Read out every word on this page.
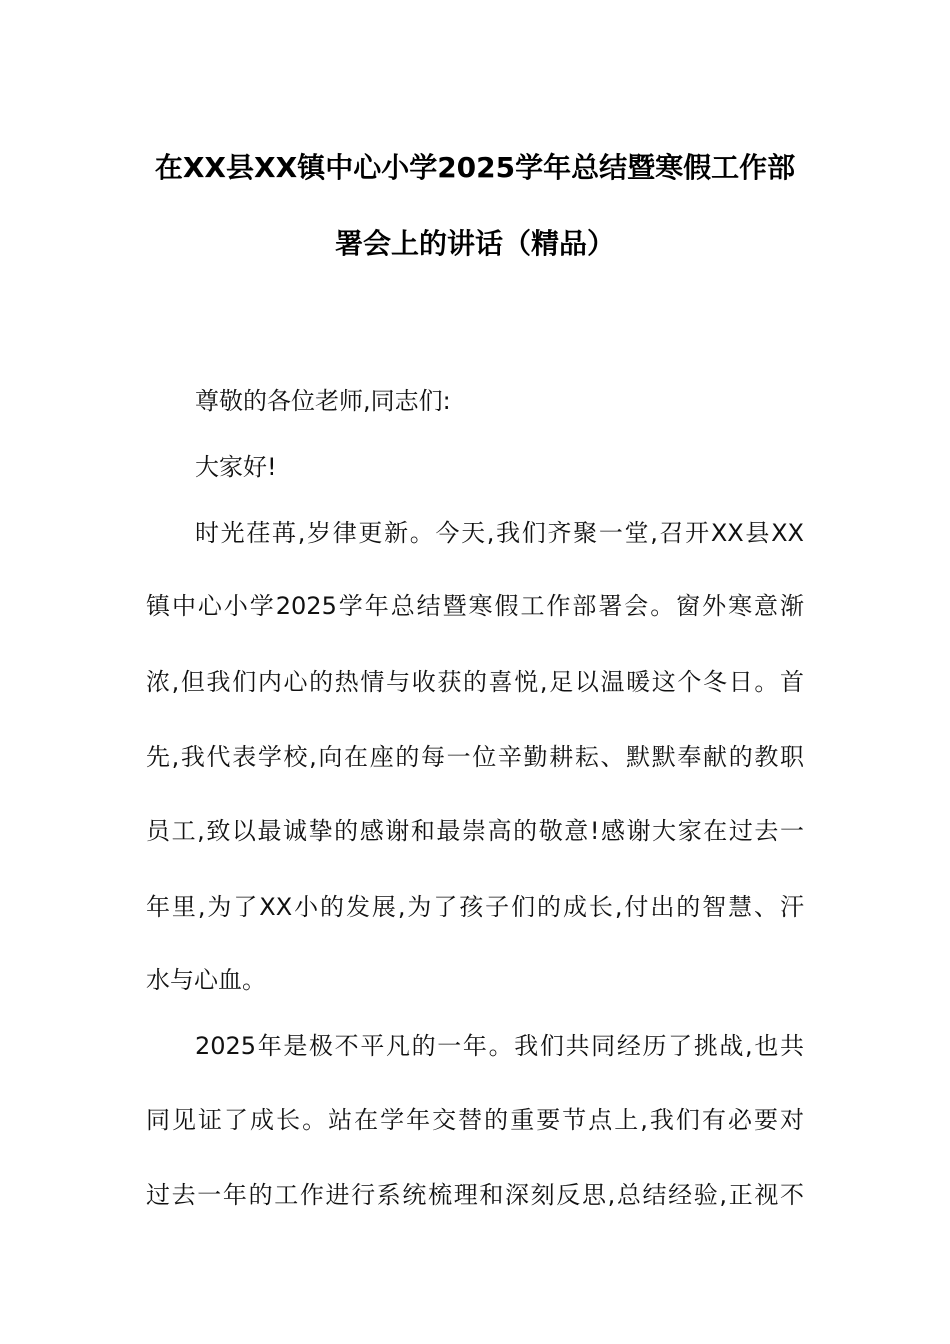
在XX县XX镇中心小学2025学年总结暨寒假工作部
署会上的讲话（精品）

尊敬的各位老师,同志们:

大家好!

时光荏苒,岁律更新。今天,我们齐聚一堂,召开XX县XX

镇中心小学2025学年总结暨寒假工作部署会。窗外寒意渐

浓,但我们内心的热情与收获的喜悦,足以温暖这个冬日。首

先,我代表学校,向在座的每一位辛勤耕耘、默默奉献的教职

员工,致以最诚挚的感谢和最崇高的敬意!感谢大家在过去一

年里,为了XX小的发展,为了孩子们的成长,付出的智慧、汗

水与心血。

2025年是极不平凡的一年。我们共同经历了挑战,也共

同见证了成长。站在学年交替的重要节点上,我们有必要对

过去一年的工作进行系统梳理和深刻反思,总结经验,正视不
